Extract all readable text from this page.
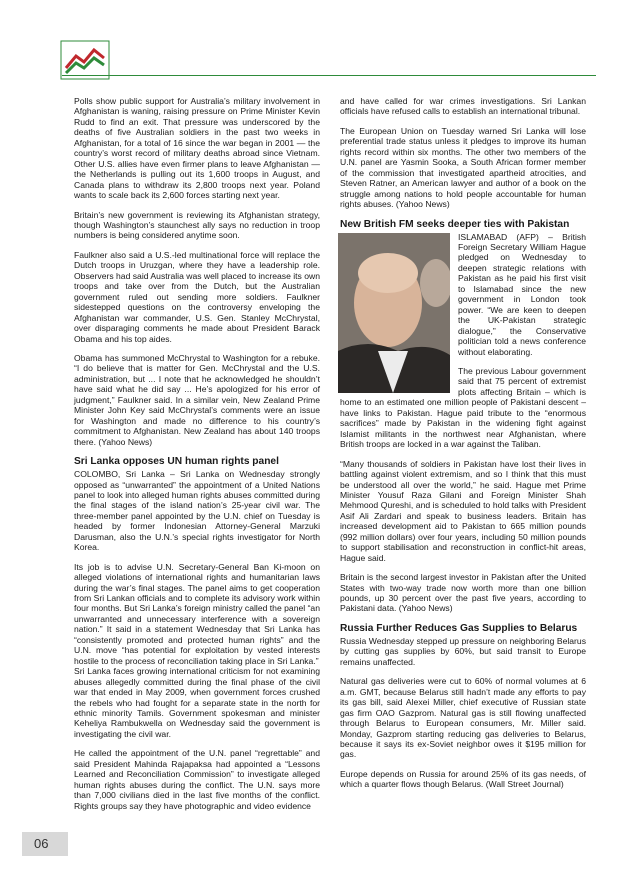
Polls show public support for Australia’s military involvement in Afghanistan is waning, raising pressure on Prime Minister Kevin Rudd to find an exit. That pressure was underscored by the deaths of five Australian soldiers in the past two weeks in Afghanistan, for a total of 16 since the war began in 2001 — the country’s worst record of military deaths abroad since Vietnam. Other U.S. allies have even firmer plans to leave Afghanistan — the Netherlands is pulling out its 1,600 troops in August, and Canada plans to withdraw its 2,800 troops next year. Poland wants to scale back its 2,600 forces starting next year.

Britain’s new government is reviewing its Afghanistan strategy, though Washington’s staunchest ally says no reduction in troop numbers is being considered anytime soon.

Faulkner also said a U.S.-led multinational force will replace the Dutch troops in Uruzgan, where they have a leadership role. Observers had said Australia was well placed to increase its own troops and take over from the Dutch, but the Australian government ruled out sending more soldiers. Faulkner sidestepped questions on the controversy enveloping the Afghanistan war commander, U.S. Gen. Stanley McChrystal, over disparaging comments he made about President Barack Obama and his top aides.

Obama has summoned McChrystal to Washington for a rebuke. “I do believe that is matter for Gen. McChrystal and the U.S. administration, but ... I note that he acknowledged he shouldn’t have said what he did say ... He’s apologized for his error of judgment,” Faulkner said. In a similar vein, New Zealand Prime Minister John Key said McChrystal’s comments were an issue for Washington and made no difference to his country’s commitment to Afghanistan. New Zealand has about 140 troops there. (Yahoo News)

Sri Lanka opposes UN human rights panel

COLOMBO, Sri Lanka – Sri Lanka on Wednesday strongly opposed as “unwarranted” the appointment of a United Nations panel to look into alleged human rights abuses committed during the final stages of the island nation’s 25-year civil war. The three-member panel appointed by the U.N. chief on Tuesday is headed by former Indonesian Attorney-General Marzuki Darusman, also the U.N.’s special rights investigator for North Korea.

Its job is to advise U.N. Secretary-General Ban Ki-moon on alleged violations of international rights and humanitarian laws during the war’s final stages. The panel aims to get cooperation from Sri Lankan officials and to complete its advisory work within four months. But Sri Lanka’s foreign ministry called the panel “an unwarranted and unnecessary interference with a sovereign nation.” It said in a statement Wednesday that Sri Lanka has “consistently promoted and protected human rights” and the U.N. move “has potential for exploitation by vested interests hostile to the process of reconciliation taking place in Sri Lanka.”

Sri Lanka faces growing international criticism for not examining abuses allegedly committed during the final phase of the civil war that ended in May 2009, when government forces crushed the rebels who had fought for a separate state in the north for ethnic minority Tamils. Government spokesman and minister Keheliya Rambukwella on Wednesday said the government is investigating the civil war.

He called the appointment of the U.N. panel “regrettable” and said President Mahinda Rajapaksa had appointed a “Lessons Learned and Reconciliation Commission” to investigate alleged human rights abuses during the conflict. The U.N. says more than 7,000 civilians died in the last five months of the conflict. Rights groups say they have photographic and video evidence

and have called for war crimes investigations. Sri Lankan officials have refused calls to establish an international tribunal.

The European Union on Tuesday warned Sri Lanka will lose preferential trade status unless it pledges to improve its human rights record within six months. The other two members of the U.N. panel are Yasmin Sooka, a South African former member of the commission that investigated apartheid atrocities, and Steven Ratner, an American lawyer and author of a book on the struggle among nations to hold people accountable for human rights abuses. (Yahoo News)

New British FM seeks deeper ties with Pakistan

ISLAMABAD (AFP) – British Foreign Secretary William Hague pledged on Wednesday to deepen strategic relations with Pakistan as he paid his first visit to Islamabad since the new government in London took power. “We are keen to deepen the UK-Pakistan strategic dialogue,” the Conservative politician told a news conference without elaborating.

The previous Labour government said that 75 percent of extremist plots affecting Britain – which is home to an estimated one million people of Pakistani descent – have links to Pakistan. Hague paid tribute to the “enormous sacrifices” made by Pakistan in the widening fight against Islamist militants in the northwest near Afghanistan, where British troops are locked in a war against the Taliban.

“Many thousands of soldiers in Pakistan have lost their lives in battling against violent extremism, and so I think that this must be understood all over the world,” he said. Hague met Prime Minister Yousuf Raza Gilani and Foreign Minister Shah Mehmood Qureshi, and is scheduled to hold talks with President Asif Ali Zardari and speak to business leaders. Britain has increased development aid to Pakistan to 665 million pounds (992 million dollars) over four years, including 50 million pounds to support stabilisation and reconstruction in conflict-hit areas, Hague said.

Britain is the second largest investor in Pakistan after the United States with two-way trade now worth more than one billion pounds, up 30 percent over the past five years, according to Pakistani data. (Yahoo News)

Russia Further Reduces Gas Supplies to Belarus

Russia Wednesday stepped up pressure on neighboring Belarus by cutting gas supplies by 60%, but said transit to Europe remains unaffected.

Natural gas deliveries were cut to 60% of normal volumes at 6 a.m. GMT, because Belarus still hadn’t made any efforts to pay its gas bill, said Alexei Miller, chief executive of Russian state gas firm OAO Gazprom. Natural gas is still flowing unaffected through Belarus to European consumers, Mr. Miller said. Monday, Gazprom starting reducing gas deliveries to Belarus, because it says its ex-Soviet neighbor owes it $195 million for gas.

Europe depends on Russia for around 25% of its gas needs, of which a quarter flows though Belarus. (Wall Street Journal)

06
